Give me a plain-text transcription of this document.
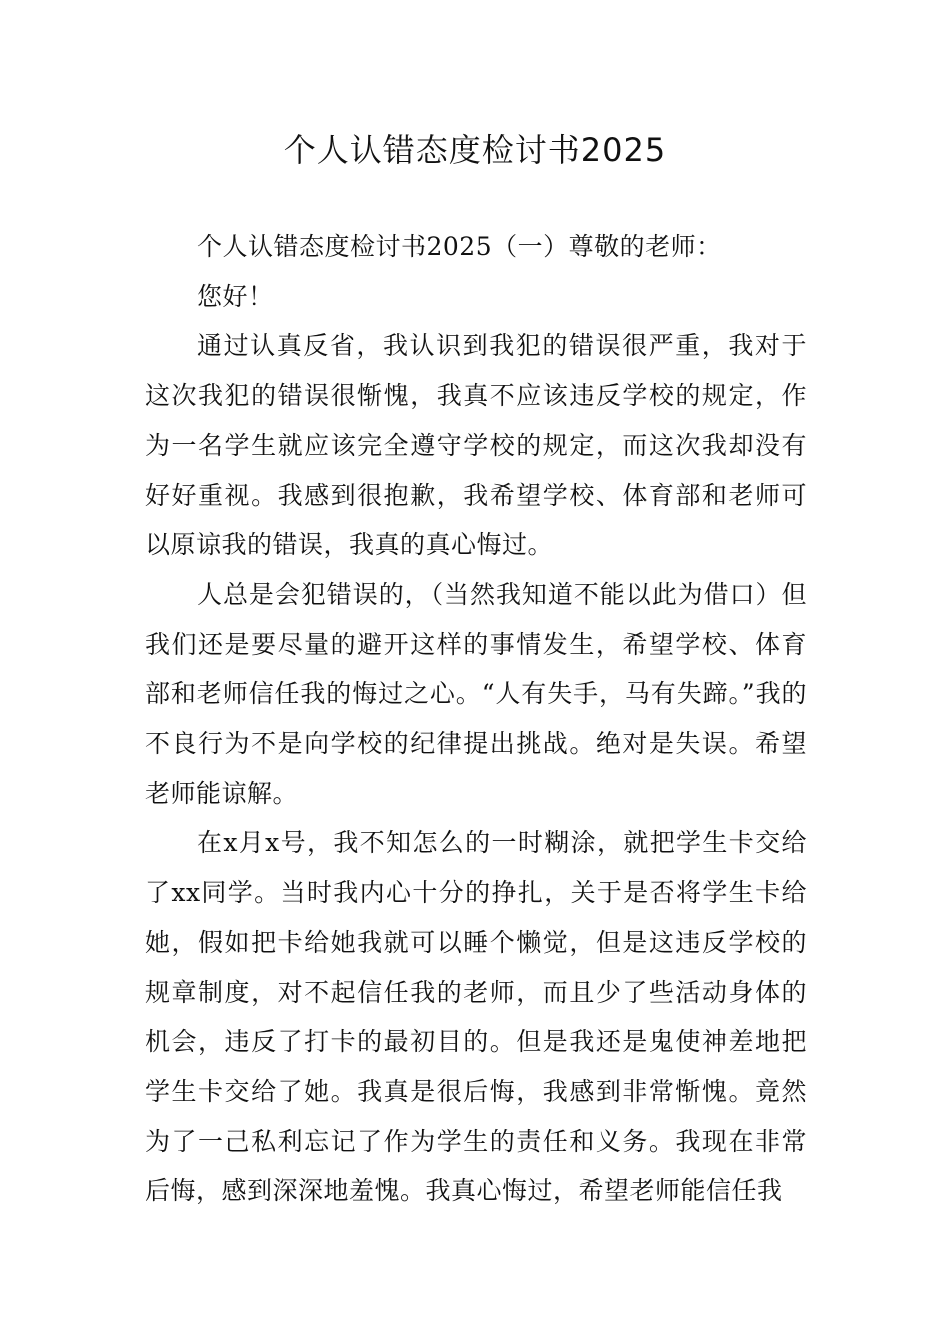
个人认错态度检讨书2025

个人认错态度检讨书2025（一）尊敬的老师：

您好！

通过认真反省，我认识到我犯的错误很严重，我对于这次我犯的错误很惭愧，我真不应该违反学校的规定，作为一名学生就应该完全遵守学校的规定，而这次我却没有好好重视。我感到很抱歉，我希望学校、体育部和老师可以原谅我的错误，我真的真心悔过。

人总是会犯错误的，（当然我知道不能以此为借口）但我们还是要尽量的避开这样的事情发生，希望学校、体育部和老师信任我的悔过之心。“人有失手，马有失蹄。”我的不良行为不是向学校的纪律提出挑战。绝对是失误。希望老师能谅解。

在x月x号，我不知怎么的一时糊涂，就把学生卡交给了xx同学。当时我内心十分的挣扎，关于是否将学生卡给她，假如把卡给她我就可以睡个懒觉，但是这违反学校的规章制度，对不起信任我的老师，而且少了些活动身体的机会，违反了打卡的最初目的。但是我还是鬼使神差地把学生卡交给了她。我真是很后悔，我感到非常惭愧。竟然为了一己私利忘记了作为学生的责任和义务。我现在非常后悔，感到深深地羞愧。我真心悔过，希望老师能信任我
